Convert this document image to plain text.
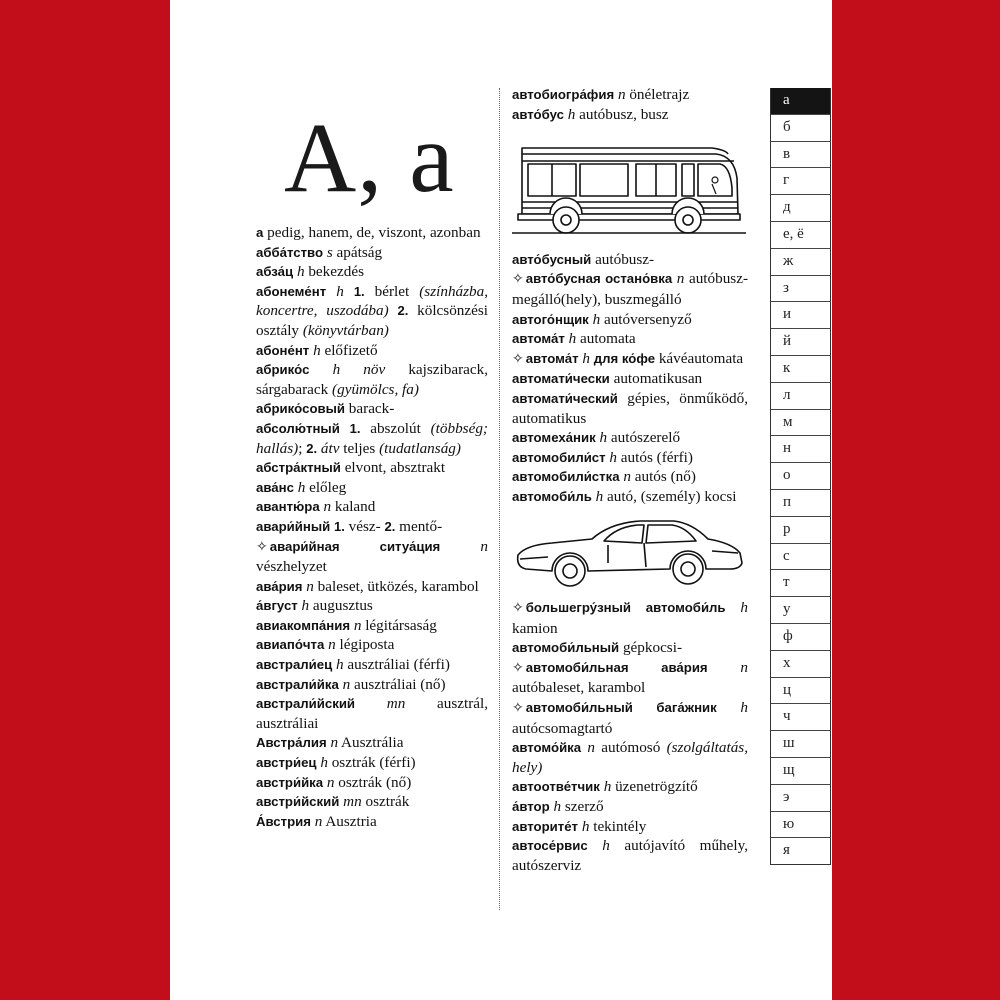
А, а

а pedig, hanem, de, viszont, azonban

абба́тство s apátság

абза́ц h bekezdés

абонеме́нт h 1. bérlet (színházba, koncertre, uszodába) 2. kölcsönzési osztály (könyvtárban)

абоне́нт h előfizető

абрико́с h növ kajszibarack, sárgabarack (gyümölcs, fa)

абрико́совый barack-

абсолю́тный 1. abszolút (többség; hallás); 2. átv teljes (tudatlanság)

абстра́ктный elvont, absztrakt

ава́нс h előleg

авантю́ра n kaland

авари́йный 1. vész- 2. mentő-

✧ авари́йная ситуа́ция	n vészhelyzet

ава́рия n baleset, ütközés, karambol

а́вгуст h augusztus

авиакомпа́ния n légitársaság

авиапо́чта n légiposta

австрали́ец h ausztráliai (férfi)

австрали́йка n ausztráliai (nő)

австрали́йский mn ausztrál, ausztráliai

Австра́лия n Ausztrália

австри́ец h osztrák (férfi)

австри́йка n osztrák (nő)

австри́йский mn osztrák

А́встрия n Ausztria

автобиогра́фия n önéletrajz

авто́бус h autóbusz, busz

авто́бусный autóbusz-

✧ авто́бусная остано́вка n autóbusz-megálló(hely), buszmegálló

автого́нщик h autóversenyző

автома́т h automata

✧ автома́т h для ко́фе kávéautomata

автомати́чески automatikusan

автомати́ческий gépies, önműködő, automatikus

автомеха́ник h autószerelő

автомобили́ст h autós (férfi)

автомобили́стка n autós (nő)

автомоби́ль h autó, (személy) kocsi

✧ большегру́зный автомоби́ль h kamion

автомоби́льный gépkocsi-

✧ автомоби́льная ава́рия n autóbaleset, karambol

✧ автомоби́льный бага́жник h autócsomagtartó

автомо́йка n autómosó (szolgáltatás, hely)

автоотве́тчик h üzenetrögzítő

а́втор h szerző

авторите́т h tekintély

автосе́рвис h autójavító műhely, autószerviz

а
б
в
г
д
е, ё
ж
з
и
й
к
л
м
н
о
п
р
с
т
у
ф
х
ц
ч
ш
щ
э
ю
я
